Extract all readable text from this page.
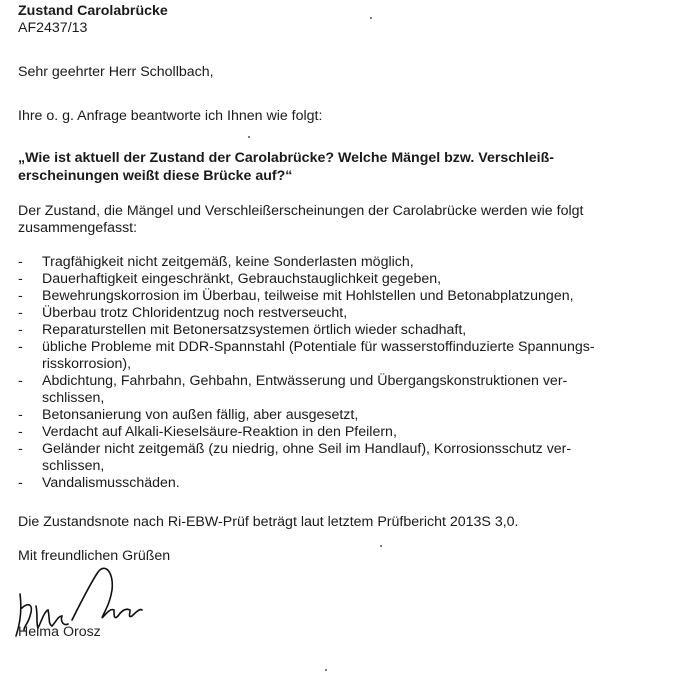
Zustand Carolabrücke

AF2437/13

Sehr geehrter Herr Schollbach,

Ihre o. g. Anfrage beantworte ich Ihnen wie folgt:

„Wie ist aktuell der Zustand der Carolabrücke? Welche Mängel bzw. Verschleiß-

erscheinungen weißt diese Brücke auf?“

Der Zustand, die Mängel und Verschleißerscheinungen der Carolabrücke werden wie folgt

zusammengefasst:

- Tragfähigkeit nicht zeitgemäß, keine Sonderlasten möglich,
- Dauerhaftigkeit eingeschränkt, Gebrauchstauglichkeit gegeben,
- Bewehrungskorrosion im Überbau, teilweise mit Hohlstellen und Betonabplatzungen,
- Überbau trotz Chloridentzug noch restverseucht,
- Reparaturstellen mit Betonersatzsystemen örtlich wieder schadhaft,
- übliche Probleme mit DDR-Spannstahl (Potentiale für wasserstoffinduzierte Spannungs-
risskorrosion),
- Abdichtung, Fahrbahn, Gehbahn, Entwässerung und Übergangskonstruktionen ver-
schlissen,
- Betonsanierung von außen fällig, aber ausgesetzt,
- Verdacht auf Alkali-Kieselsäure-Reaktion in den Pfeilern,
- Geländer nicht zeitgemäß (zu niedrig, ohne Seil im Handlauf), Korrosionsschutz ver-
schlissen,
- Vandalismusschäden.

Die Zustandsnote nach Ri-EBW-Prüf beträgt laut letztem Prüfbericht 2013S 3,0.

Mit freundlichen Grüßen

Helma Orosz
